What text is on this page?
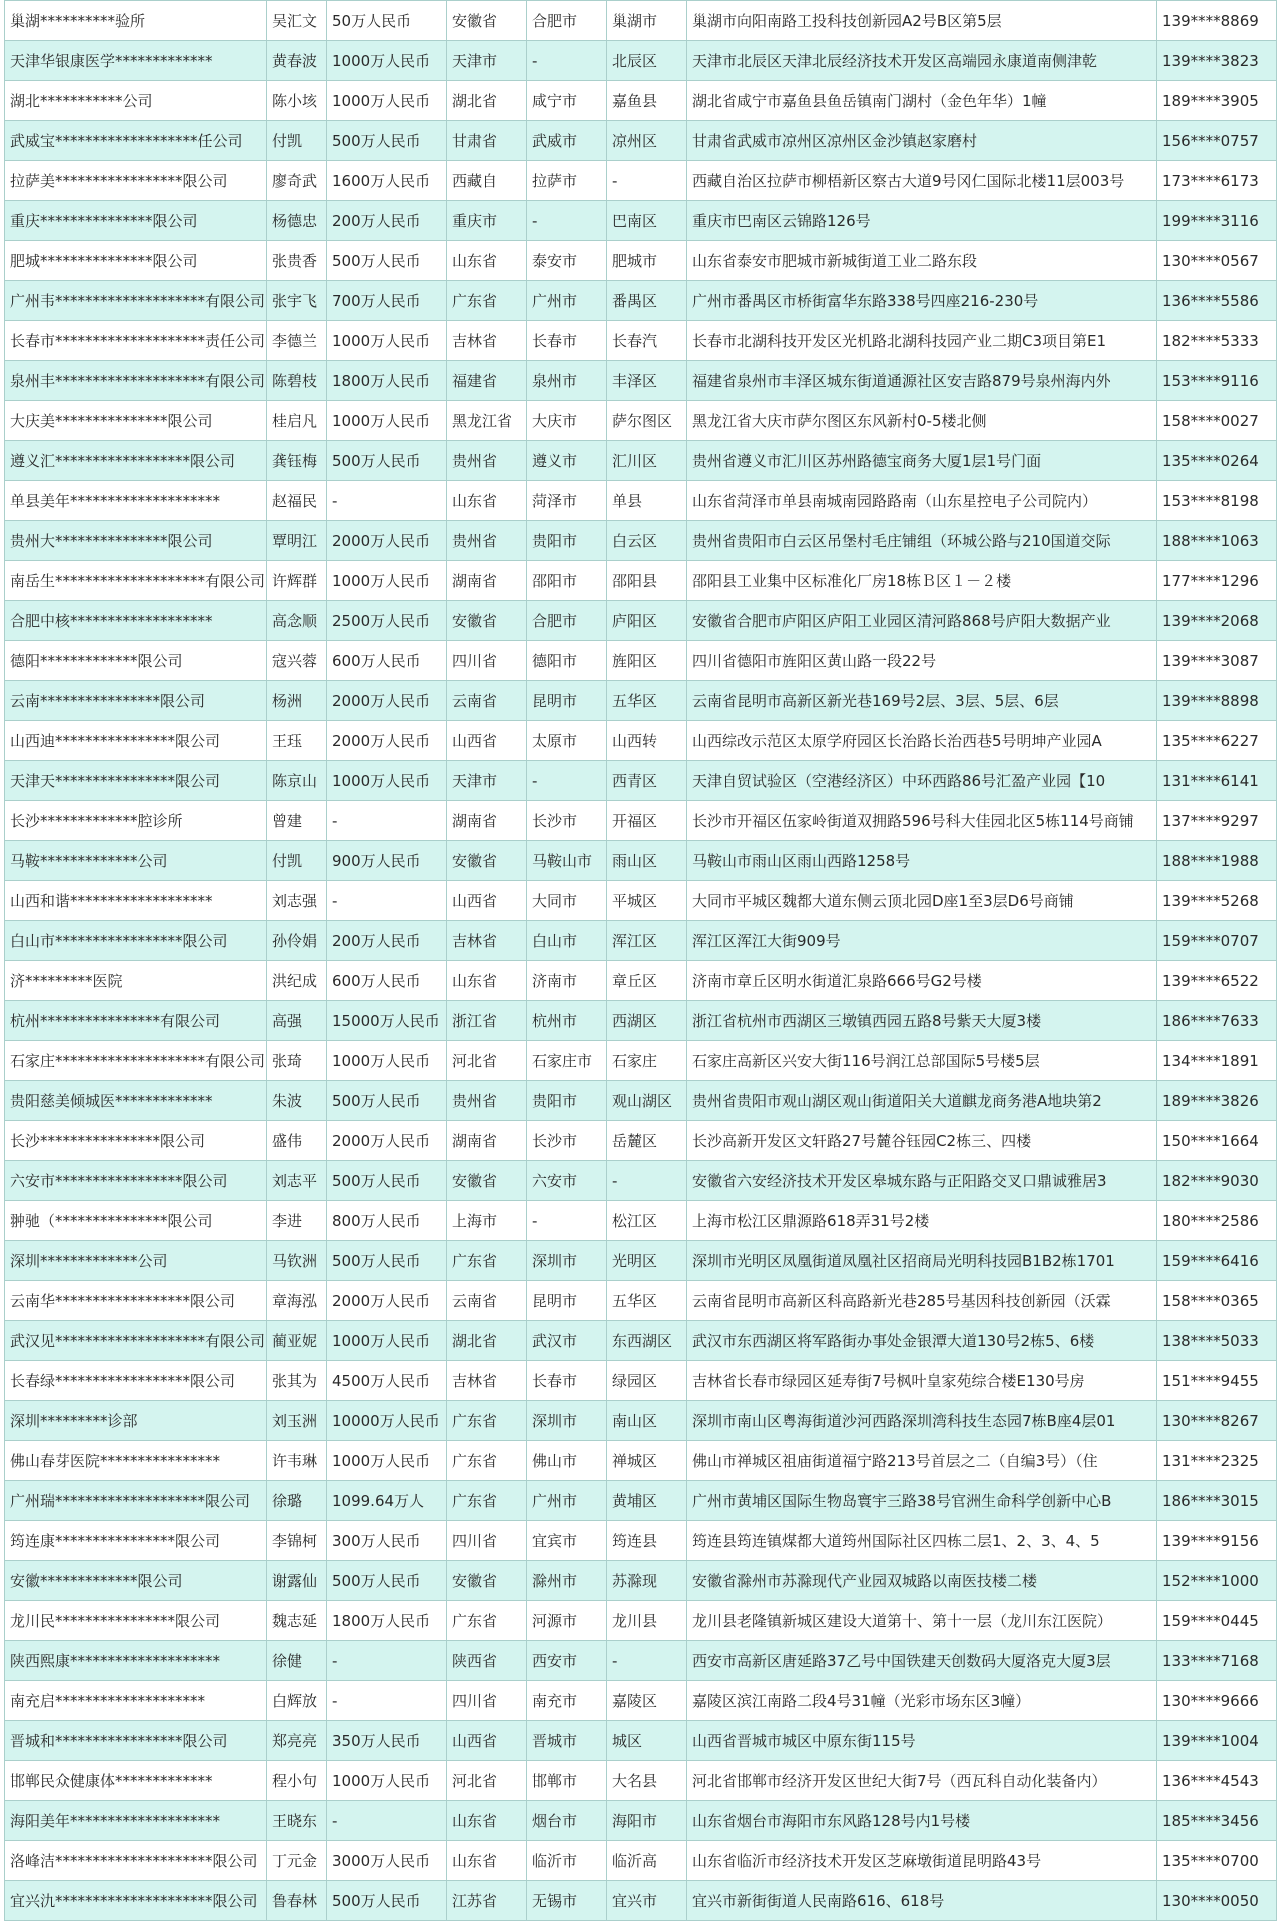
巢湖**********验所	吴汇文	50万人民币	安徽省	合肥市	巢湖市	巢湖市向阳南路工投科技创新园A2号B区第5层	139****8869
天津华银康医学*************	黄春波	1000万人民币	天津市	-	北辰区	天津市北辰区天津北辰经济技术开发区高端园永康道南侧津乾	139****3823
湖北***********公司	陈小垓	1000万人民币	湖北省	咸宁市	嘉鱼县	湖北省咸宁市嘉鱼县鱼岳镇南门湖村（金色年华）1幢	189****3905
武威宝*******************任公司	付凯	500万人民币	甘肃省	武威市	凉州区	甘肃省武威市凉州区凉州区金沙镇赵家磨村	156****0757
拉萨美*****************限公司	廖奇武	1600万人民币	西藏自	拉萨市	-	西藏自治区拉萨市柳梧新区察古大道9号冈仁国际北楼11层003号	173****6173
重庆***************限公司	杨德忠	200万人民币	重庆市	-	巴南区	重庆市巴南区云锦路126号	199****3116
肥城***************限公司	张贵香	500万人民币	山东省	泰安市	肥城市	山东省泰安市肥城市新城街道工业二路东段	130****0567
广州韦********************有限公司	张宇飞	700万人民币	广东省	广州市	番禺区	广州市番禺区市桥街富华东路338号四座216-230号	136****5586
长春市********************责任公司	李德兰	1000万人民币	吉林省	长春市	长春汽	长春市北湖科技开发区光机路北湖科技园产业二期C3项目第E1	182****5333
泉州丰********************有限公司	陈碧枝	1800万人民币	福建省	泉州市	丰泽区	福建省泉州市丰泽区城东街道通源社区安吉路879号泉州海内外	153****9116
大庆美***************限公司	桂启凡	1000万人民币	黑龙江省	大庆市	萨尔图区	黑龙江省大庆市萨尔图区东风新村0-5楼北侧	158****0027
遵义汇******************限公司	龚钰梅	500万人民币	贵州省	遵义市	汇川区	贵州省遵义市汇川区苏州路德宝商务大厦1层1号门面	135****0264
单县美年********************	赵福民	-	山东省	菏泽市	单县	山东省菏泽市单县南城南园路路南（山东星控电子公司院内）	153****8198
贵州大***************限公司	覃明江	2000万人民币	贵州省	贵阳市	白云区	贵州省贵阳市白云区吊堡村毛庄铺组（环城公路与210国道交际	188****1063
南岳生********************有限公司	许辉群	1000万人民币	湖南省	邵阳市	邵阳县	邵阳县工业集中区标准化厂房18栋Ｂ区１－２楼	177****1296
合肥中核*******************	高念顺	2500万人民币	安徽省	合肥市	庐阳区	安徽省合肥市庐阳区庐阳工业园区清河路868号庐阳大数据产业	139****2068
德阳*************限公司	寇兴蓉	600万人民币	四川省	德阳市	旌阳区	四川省德阳市旌阳区黄山路一段22号	139****3087
云南****************限公司	杨洲	2000万人民币	云南省	昆明市	五华区	云南省昆明市高新区新光巷169号2层、3层、5层、6层	139****8898
山西迪****************限公司	王珏	2000万人民币	山西省	太原市	山西转	山西综改示范区太原学府园区长治路长治西巷5号明坤产业园A	135****6227
天津天****************限公司	陈京山	1000万人民币	天津市	-	西青区	天津自贸试验区（空港经济区）中环西路86号汇盈产业园【10	131****6141
长沙*************腔诊所	曾建	-	湖南省	长沙市	开福区	长沙市开福区伍家岭街道双拥路596号科大佳园北区5栋114号商铺	137****9297
马鞍*************公司	付凯	900万人民币	安徽省	马鞍山市	雨山区	马鞍山市雨山区雨山西路1258号	188****1988
山西和谐*******************	刘志强	-	山西省	大同市	平城区	大同市平城区魏都大道东侧云顶北园D座1至3层D6号商铺	139****5268
白山市*****************限公司	孙伶娟	200万人民币	吉林省	白山市	浑江区	浑江区浑江大街909号	159****0707
济*********医院	洪纪成	600万人民币	山东省	济南市	章丘区	济南市章丘区明水街道汇泉路666号G2号楼	139****6522
杭州****************有限公司	高强	15000万人民币	浙江省	杭州市	西湖区	浙江省杭州市西湖区三墩镇西园五路8号紫天大厦3楼	186****7633
石家庄********************有限公司	张琦	1000万人民币	河北省	石家庄市	石家庄	石家庄高新区兴安大街116号润江总部国际5号楼5层	134****1891
贵阳慈美倾城医*************	朱波	500万人民币	贵州省	贵阳市	观山湖区	贵州省贵阳市观山湖区观山街道阳关大道麒龙商务港A地块第2	189****3826
长沙****************限公司	盛伟	2000万人民币	湖南省	长沙市	岳麓区	长沙高新开发区文轩路27号麓谷钰园C2栋三、四楼	150****1664
六安市*****************限公司	刘志平	500万人民币	安徽省	六安市	-	安徽省六安经济技术开发区皋城东路与正阳路交叉口鼎诚雅居3	182****9030
翀驰（***************限公司	李进	800万人民币	上海市	-	松江区	上海市松江区鼎源路618弄31号2楼	180****2586
深圳*************公司	马钦洲	500万人民币	广东省	深圳市	光明区	深圳市光明区凤凰街道凤凰社区招商局光明科技园B1B2栋1701	159****6416
云南华******************限公司	章海泓	2000万人民币	云南省	昆明市	五华区	云南省昆明市高新区科高路新光巷285号基因科技创新园（沃霖	158****0365
武汉见********************有限公司	蔺亚妮	1000万人民币	湖北省	武汉市	东西湖区	武汉市东西湖区将军路街办事处金银潭大道130号2栋5、6楼	138****5033
长春绿******************限公司	张其为	4500万人民币	吉林省	长春市	绿园区	吉林省长春市绿园区延寿街7号枫叶皇家苑综合楼E130号房	151****9455
深圳*********诊部	刘玉洲	10000万人民币	广东省	深圳市	南山区	深圳市南山区粤海街道沙河西路深圳湾科技生态园7栋B座4层01	130****8267
佛山春芽医院****************	许韦琳	1000万人民币	广东省	佛山市	禅城区	佛山市禅城区祖庙街道福宁路213号首层之二（自编3号）（住	131****2325
广州瑞********************限公司	徐璐	1099.64万人	广东省	广州市	黄埔区	广州市黄埔区国际生物岛寰宇三路38号官洲生命科学创新中心B	186****3015
筠连康****************限公司	李锦柯	300万人民币	四川省	宜宾市	筠连县	筠连县筠连镇煤都大道筠州国际社区四栋二层1、2、3、4、5	139****9156
安徽*************限公司	谢露仙	500万人民币	安徽省	滁州市	苏滁现	安徽省滁州市苏滁现代产业园双城路以南医技楼二楼	152****1000
龙川民****************限公司	魏志延	1800万人民币	广东省	河源市	龙川县	龙川县老隆镇新城区建设大道第十、第十一层（龙川东江医院）	159****0445
陕西熙康********************	徐健	-	陕西省	西安市	-	西安市高新区唐延路37乙号中国铁建天创数码大厦洛克大厦3层	133****7168
南充启********************	白辉放	-	四川省	南充市	嘉陵区	嘉陵区滨江南路二段4号31幢（光彩市场东区3幢）	130****9666
晋城和*****************限公司	郑亮亮	350万人民币	山西省	晋城市	城区	山西省晋城市城区中原东街115号	139****1004
邯郸民众健康体*************	程小句	1000万人民币	河北省	邯郸市	大名县	河北省邯郸市经济开发区世纪大街7号（西瓦科自动化装备内）	136****4543
海阳美年********************	王晓东	-	山东省	烟台市	海阳市	山东省烟台市海阳市东风路128号内1号楼	185****3456
洛峰洁*********************限公司	丁元金	3000万人民币	山东省	临沂市	临沂高	山东省临沂市经济技术开发区芝麻墩街道昆明路43号	135****0700
宜兴氿*********************限公司	鲁春林	500万人民币	江苏省	无锡市	宜兴市	宜兴市新街街道人民南路616、618号	130****0050
